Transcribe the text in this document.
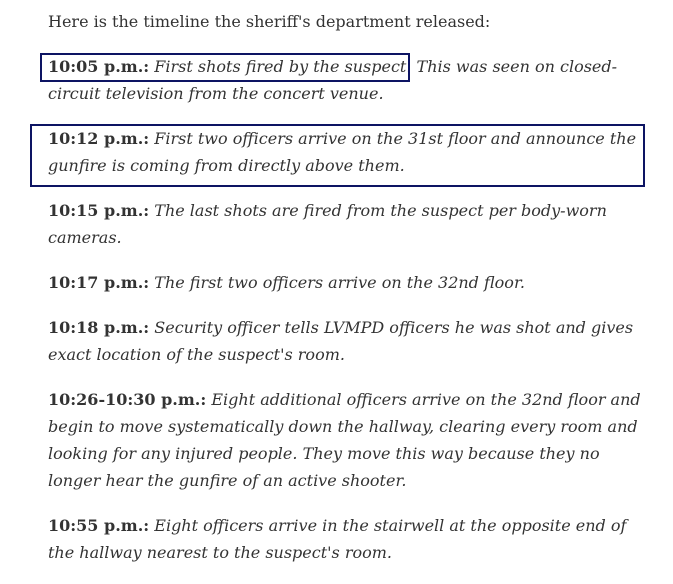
Here is the timeline the sheriff's department released:

10:05 p.m.: First shots fired by the suspect. This was seen on closed-circuit television from the concert venue.

10:12 p.m.: First two officers arrive on the 31st floor and announce the gunfire is coming from directly above them.

10:15 p.m.: The last shots are fired from the suspect per body-worn cameras.

10:17 p.m.: The first two officers arrive on the 32nd floor.

10:18 p.m.: Security officer tells LVMPD officers he was shot and gives exact location of the suspect's room.

10:26-10:30 p.m.: Eight additional officers arrive on the 32nd floor and begin to move systematically down the hallway, clearing every room and looking for any injured people. They move this way because they no longer hear the gunfire of an active shooter.

10:55 p.m.: Eight officers arrive in the stairwell at the opposite end of the hallway nearest to the suspect's room.
